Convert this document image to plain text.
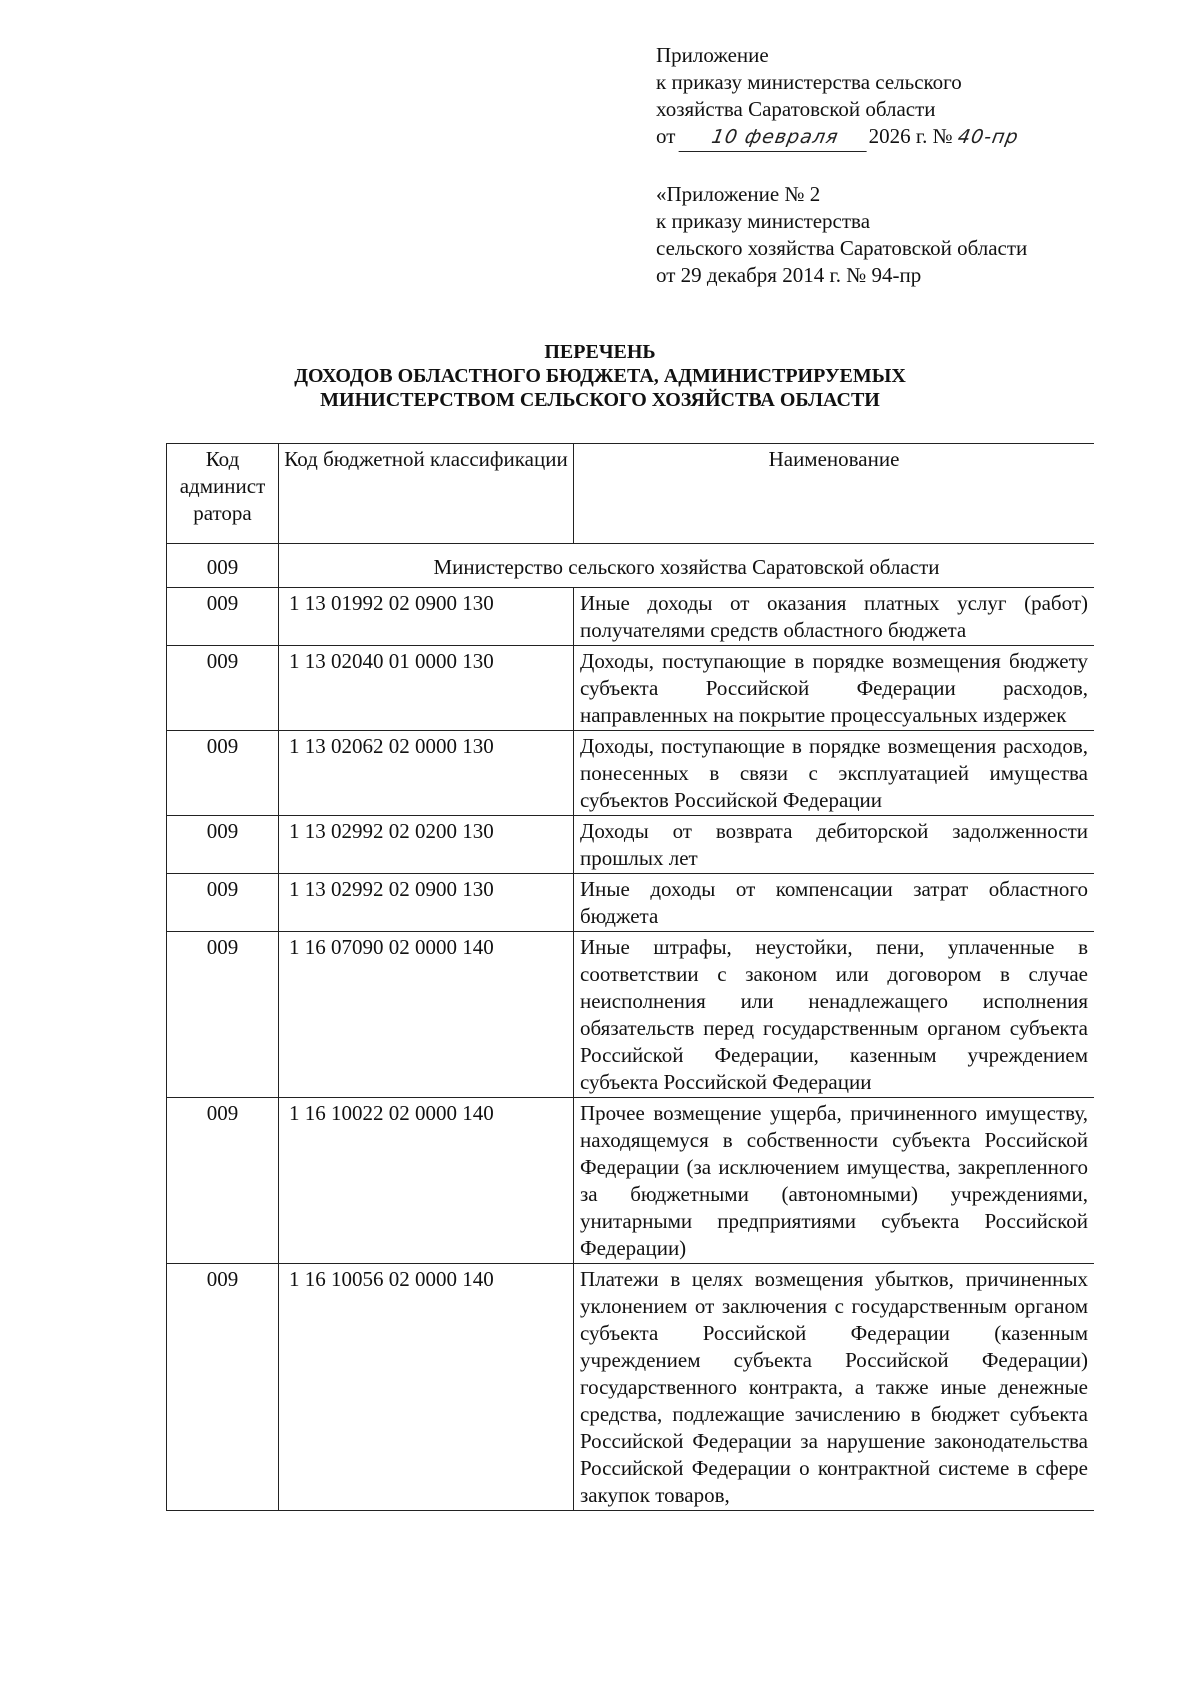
Приложение
к приказу министерства сельского
хозяйства Саратовской области
от 10 февраля 2026 г. № 40-пр
«Приложение № 2
к приказу министерства
сельского хозяйства Саратовской области
от 29 декабря 2014 г. № 94-пр
ПЕРЕЧЕНЬ
ДОХОДОВ ОБЛАСТНОГО БЮДЖЕТА, АДМИНИСТРИРУЕМЫХ
МИНИСТЕРСТВОМ СЕЛЬСКОГО ХОЗЯЙСТВА ОБЛАСТИ
Код админист ратора	Код бюджетной классификации	Наименование
009	Министерство сельского хозяйства Саратовской области	
009	1 13 01992 02 0900 130	Иные доходы от оказания платных услуг (работ) получателями средств областного бюджета
009	1 13 02040 01 0000 130	Доходы, поступающие в порядке возмещения бюджету субъекта Российской Федерации расходов, направленных на покрытие процессуальных издержек
009	1 13 02062 02 0000 130	Доходы, поступающие в порядке возмещения расходов, понесенных в связи с эксплуатацией имущества субъектов Российской Федерации
009	1 13 02992 02 0200 130	Доходы от возврата дебиторской задолженности прошлых лет
009	1 13 02992 02 0900 130	Иные доходы от компенсации затрат областного бюджета
009	1 16 07090 02 0000 140	Иные штрафы, неустойки, пени, уплаченные в соответствии с законом или договором в случае неисполнения или ненадлежащего исполнения обязательств перед государственным органом субъекта Российской Федерации, казенным учреждением субъекта Российской Федерации
009	1 16 10022 02 0000 140	Прочее возмещение ущерба, причиненного имуществу, находящемуся в собственности субъекта Российской Федерации (за исключением имущества, закрепленного за бюджетными (автономными) учреждениями, унитарными предприятиями субъекта Российской Федерации)
009	1 16 10056 02 0000 140	Платежи в целях возмещения убытков, причиненных уклонением от заключения с государственным органом субъекта Российской Федерации (казенным учреждением субъекта Российской Федерации) государственного контракта, а также иные денежные средства, подлежащие зачислению в бюджет субъекта Российской Федерации за нарушение законодательства Российской Федерации о контрактной системе в сфере закупок товаров,
